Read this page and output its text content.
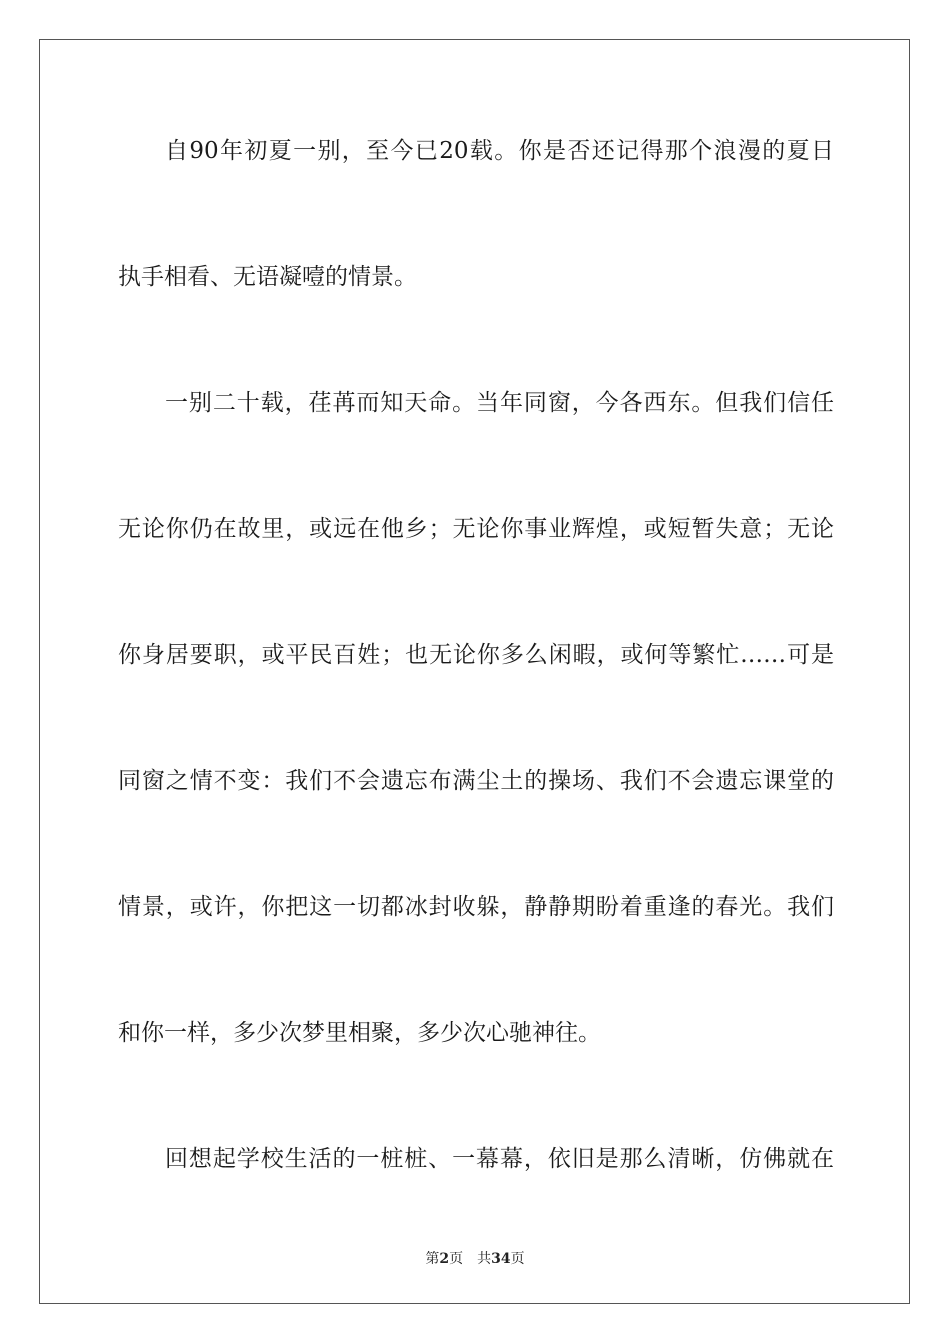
自90年初夏一别，至今已20载。你是否还记得那个浪漫的夏日
执手相看、无语凝噎的情景。
一别二十载，荏苒而知天命。当年同窗，今各西东。但我们信任
无论你仍在故里，或远在他乡；无论你事业辉煌，或短暂失意；无论
你身居要职，或平民百姓；也无论你多么闲暇，或何等繁忙……可是
同窗之情不变：我们不会遗忘布满尘土的操场、我们不会遗忘课堂的
情景，或许，你把这一切都冰封收躲，静静期盼着重逢的春光。我们
和你一样，多少次梦里相聚，多少次心驰神往。
回想起学校生活的一桩桩、一幕幕，依旧是那么清晰，仿佛就在
第2页 共34页
